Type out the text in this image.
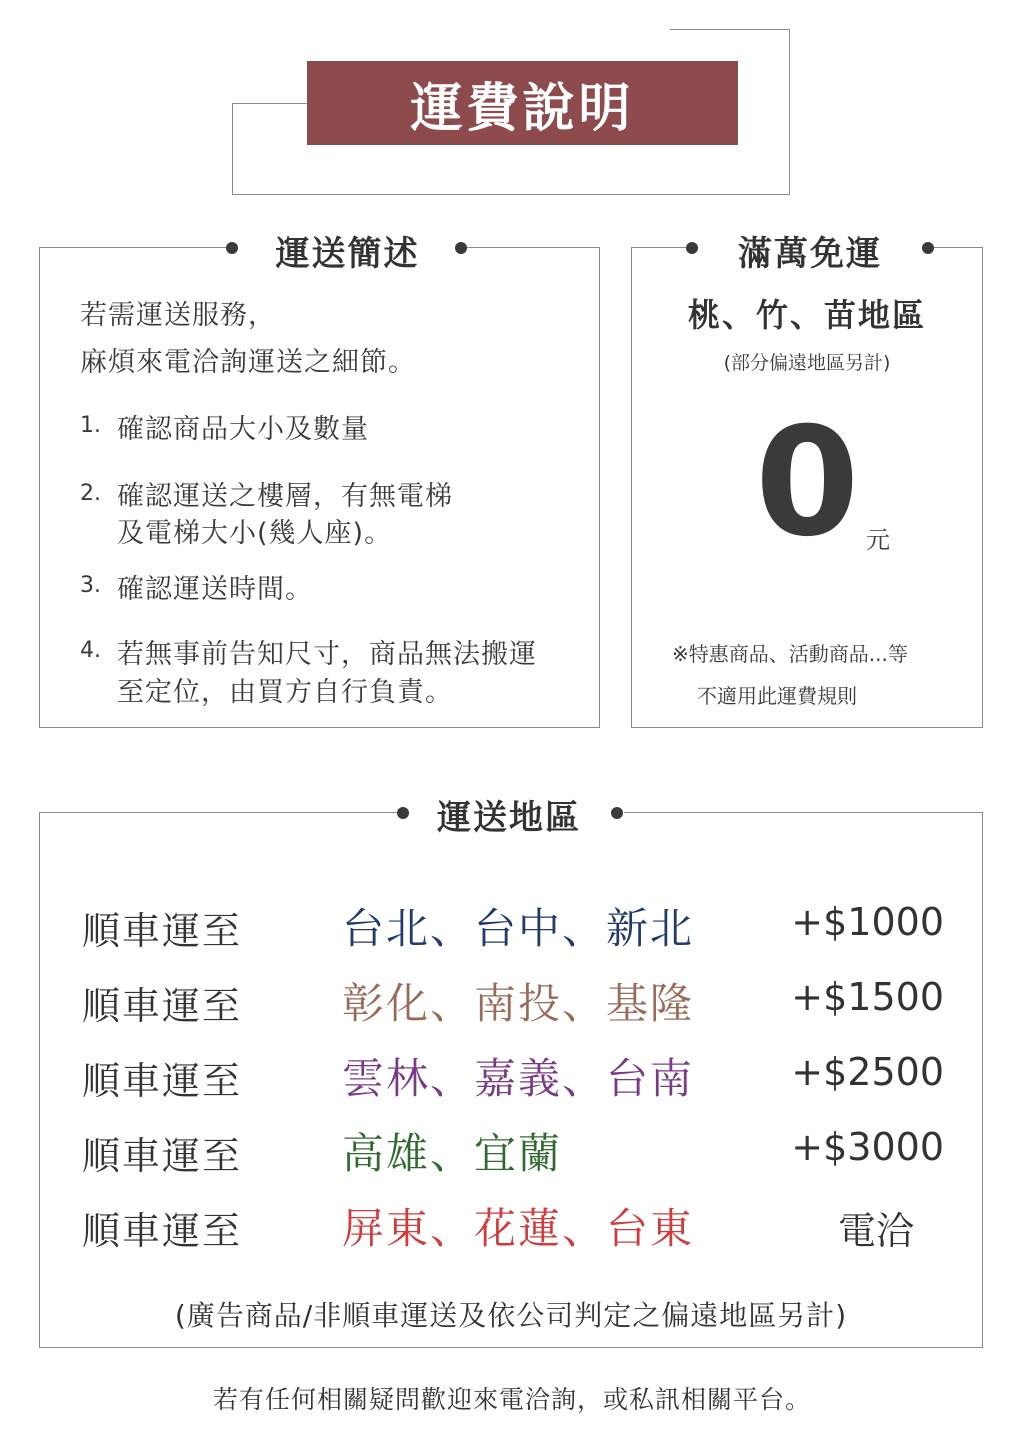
運費說明
運送簡述
若需運送服務，
麻煩來電洽詢運送之細節。
1. 確認商品大小及數量
2. 確認運送之樓層，有無電梯
及電梯大小(幾人座)。
3. 確認運送時間。
4. 若無事前告知尺寸，商品無法搬運
至定位，由買方自行負責。
滿萬免運
桃、竹、苗地區
(部分偏遠地區另計)
0 元
※特惠商品、活動商品...等
不適用此運費規則
運送地區
順車運至 台北、台中、新北	+$1000
順車運至 彰化、南投、基隆	+$1500
順車運至 雲林、嘉義、台南	+$2500
順車運至 高雄、宜蘭	+$3000
順車運至 屏東、花蓮、台東	電洽
(廣告商品/非順車運送及依公司判定之偏遠地區另計)
若有任何相關疑問歡迎來電洽詢，或私訊相關平台。
